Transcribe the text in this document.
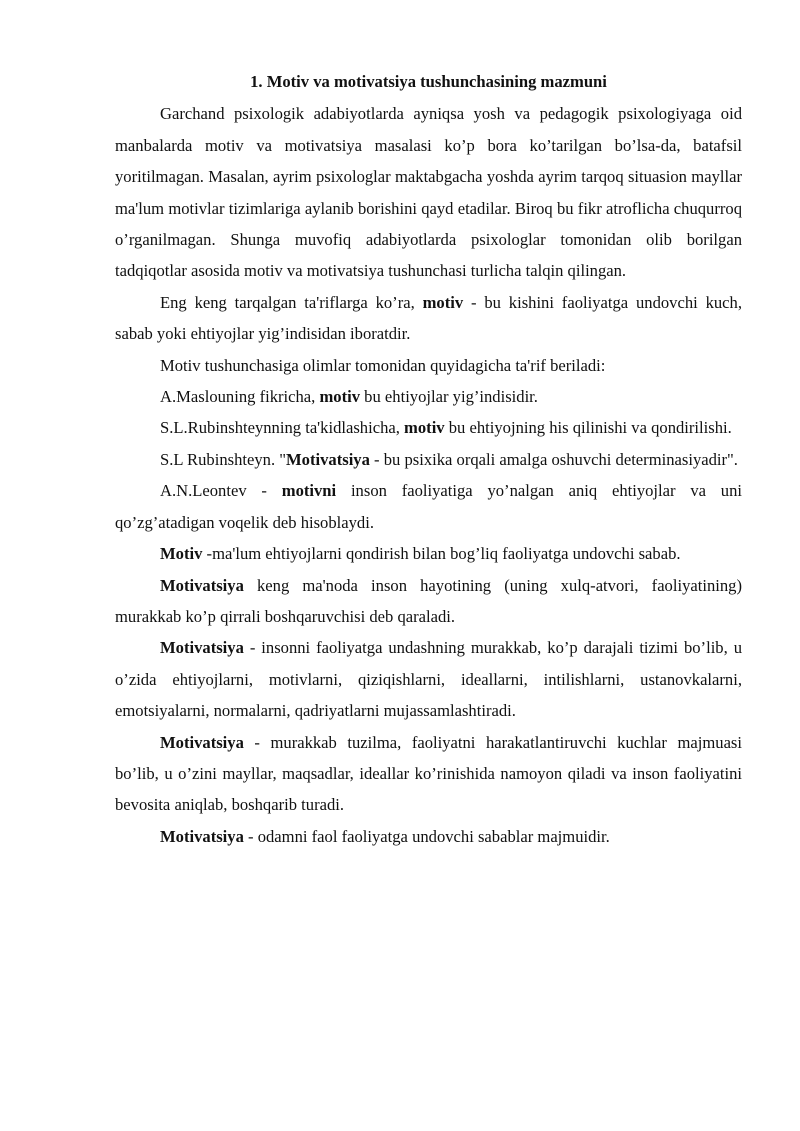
1. Motiv va motivatsiya tushunchasining mazmuni

Garchand psixologik adabiyotlarda ayniqsa yosh va pedagogik psixologiyaga oid manbalarda motiv va motivatsiya masalasi ko’p bora ko’tarilgan bo’lsa-da, batafsil yoritilmagan. Masalan, ayrim psixologlar maktabgacha yoshda ayrim tarqoq situasion mayllar ma'lum motivlar tizimlariga aylanib borishini qayd etadilar. Biroq bu fikr atroflicha chuqurroq o’rganilmagan. Shunga muvofiq adabiyotlarda psixologlar tomonidan olib borilgan tadqiqotlar asosida motiv va motivatsiya tushunchasi turlicha talqin qilingan.

Eng keng tarqalgan ta'riflarga ko’ra, motiv - bu kishini faoliyatga undovchi kuch, sabab yoki ehtiyojlar yig’indisidan iboratdir.

Motiv tushunchasiga olimlar tomonidan quyidagicha ta'rif beriladi:

A.Maslouning fikricha, motiv bu ehtiyojlar yig’indisidir.

S.L.Rubinshteynning ta'kidlashicha, motiv bu ehtiyojning his qilinishi va qondirilishi.

S.L Rubinshteyn. "Motivatsiya - bu psixika orqali amalga oshuvchi determinasiyadir".

A.N.Leontev - motivni inson faoliyatiga yo’nalgan aniq ehtiyojlar va uni qo’zg’atadigan voqelik deb hisoblaydi.

Motiv -ma'lum ehtiyojlarni qondirish bilan bog’liq faoliyatga undovchi sabab.

Motivatsiya keng ma'noda inson hayotining (uning xulq-atvori, faoliyatining) murakkab ko’p qirrali boshqaruvchisi deb qaraladi.

Motivatsiya - insonni faoliyatga undashning murakkab, ko’p darajali tizimi bo’lib, u o’zida ehtiyojlarni, motivlarni, qiziqishlarni, ideallarni, intilishlarni, ustanovkalarni, emotsiyalarni, normalarni, qadriyatlarni mujassamlashtiradi.

Motivatsiya - murakkab tuzilma, faoliyatni harakatlantiruvchi kuchlar majmuasi bo’lib, u o’zini mayllar, maqsadlar, ideallar ko’rinishida namoyon qiladi va inson faoliyatini bevosita aniqlab, boshqarib turadi.

Motivatsiya - odamni faol faoliyatga undovchi sabablar majmuidir.
